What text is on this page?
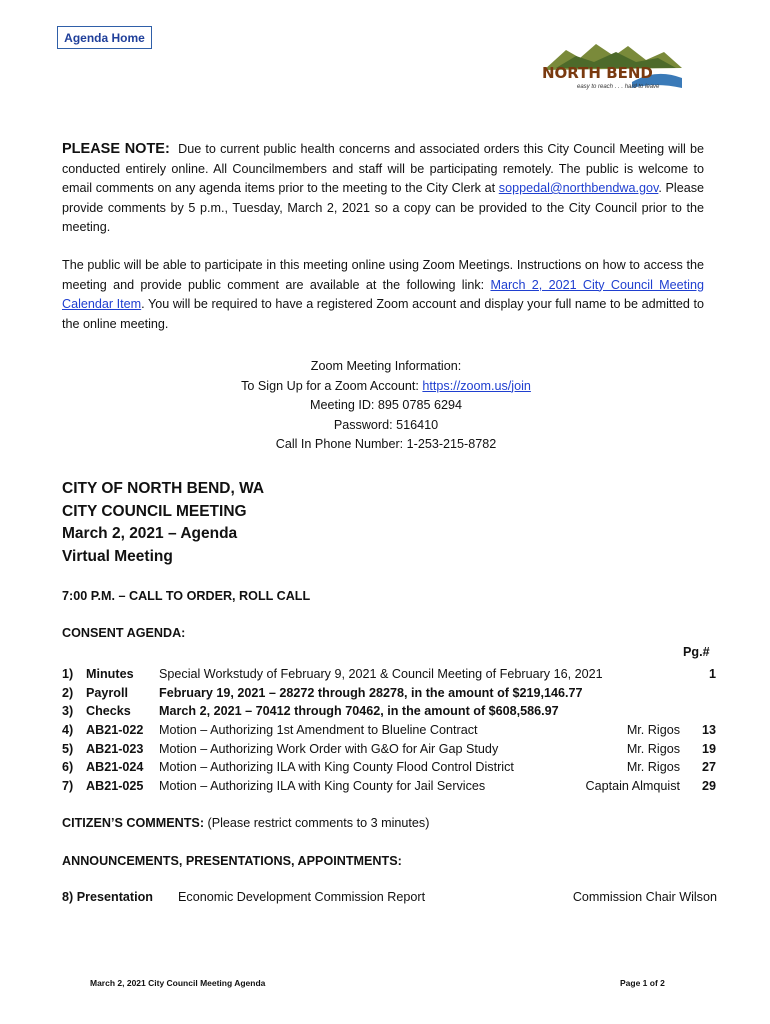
Agenda Home
NORTH BEND
easy to reach . . . hard to leave

PLEASE NOTE: Due to current public health concerns and associated orders this City Council Meeting will be conducted entirely online. All Councilmembers and staff will be participating remotely. The public is welcome to email comments on any agenda items prior to the meeting to the City Clerk at soppedal@northbendwa.gov. Please provide comments by 5 p.m., Tuesday, March 2, 2021 so a copy can be provided to the City Council prior to the meeting.

The public will be able to participate in this meeting online using Zoom Meetings. Instructions on how to access the meeting and provide public comment are available at the following link: March 2, 2021 City Council Meeting Calendar Item. You will be required to have a registered Zoom account and display your full name to be admitted to the online meeting.

Zoom Meeting Information:
To Sign Up for a Zoom Account: https://zoom.us/join
Meeting ID: 895 0785 6294
Password: 516410
Call In Phone Number: 1-253-215-8782
CITY OF NORTH BEND, WA
CITY COUNCIL MEETING
March 2, 2021 – Agenda
Virtual Meeting
7:00 P.M. – CALL TO ORDER, ROLL CALL
CONSENT AGENDA:
Pg.#
1) Minutes Special Workstudy of February 9, 2021 & Council Meeting of February 16, 2021	1
2) Payroll February 19, 2021 – 28272 through 28278, in the amount of $219,146.77
3) Checks March 2, 2021 – 70412 through 70462, in the amount of $608,586.97
4) AB21-022 Motion – Authorizing 1st Amendment to Blueline Contract	Mr. Rigos	13
5) AB21-023 Motion – Authorizing Work Order with G&O for Air Gap Study	Mr. Rigos	19
6) AB21-024 Motion – Authorizing ILA with King County Flood Control District	Mr. Rigos	27
7) AB21-025 Motion – Authorizing ILA with King County for Jail Services	Captain Almquist	29
CITIZEN’S COMMENTS: (Please restrict comments to 3 minutes)
ANNOUNCEMENTS, PRESENTATIONS, APPOINTMENTS:
8) Presentation Economic Development Commission Report	Commission Chair Wilson
March 2, 2021 City Council Meeting Agenda	Page 1 of 2
